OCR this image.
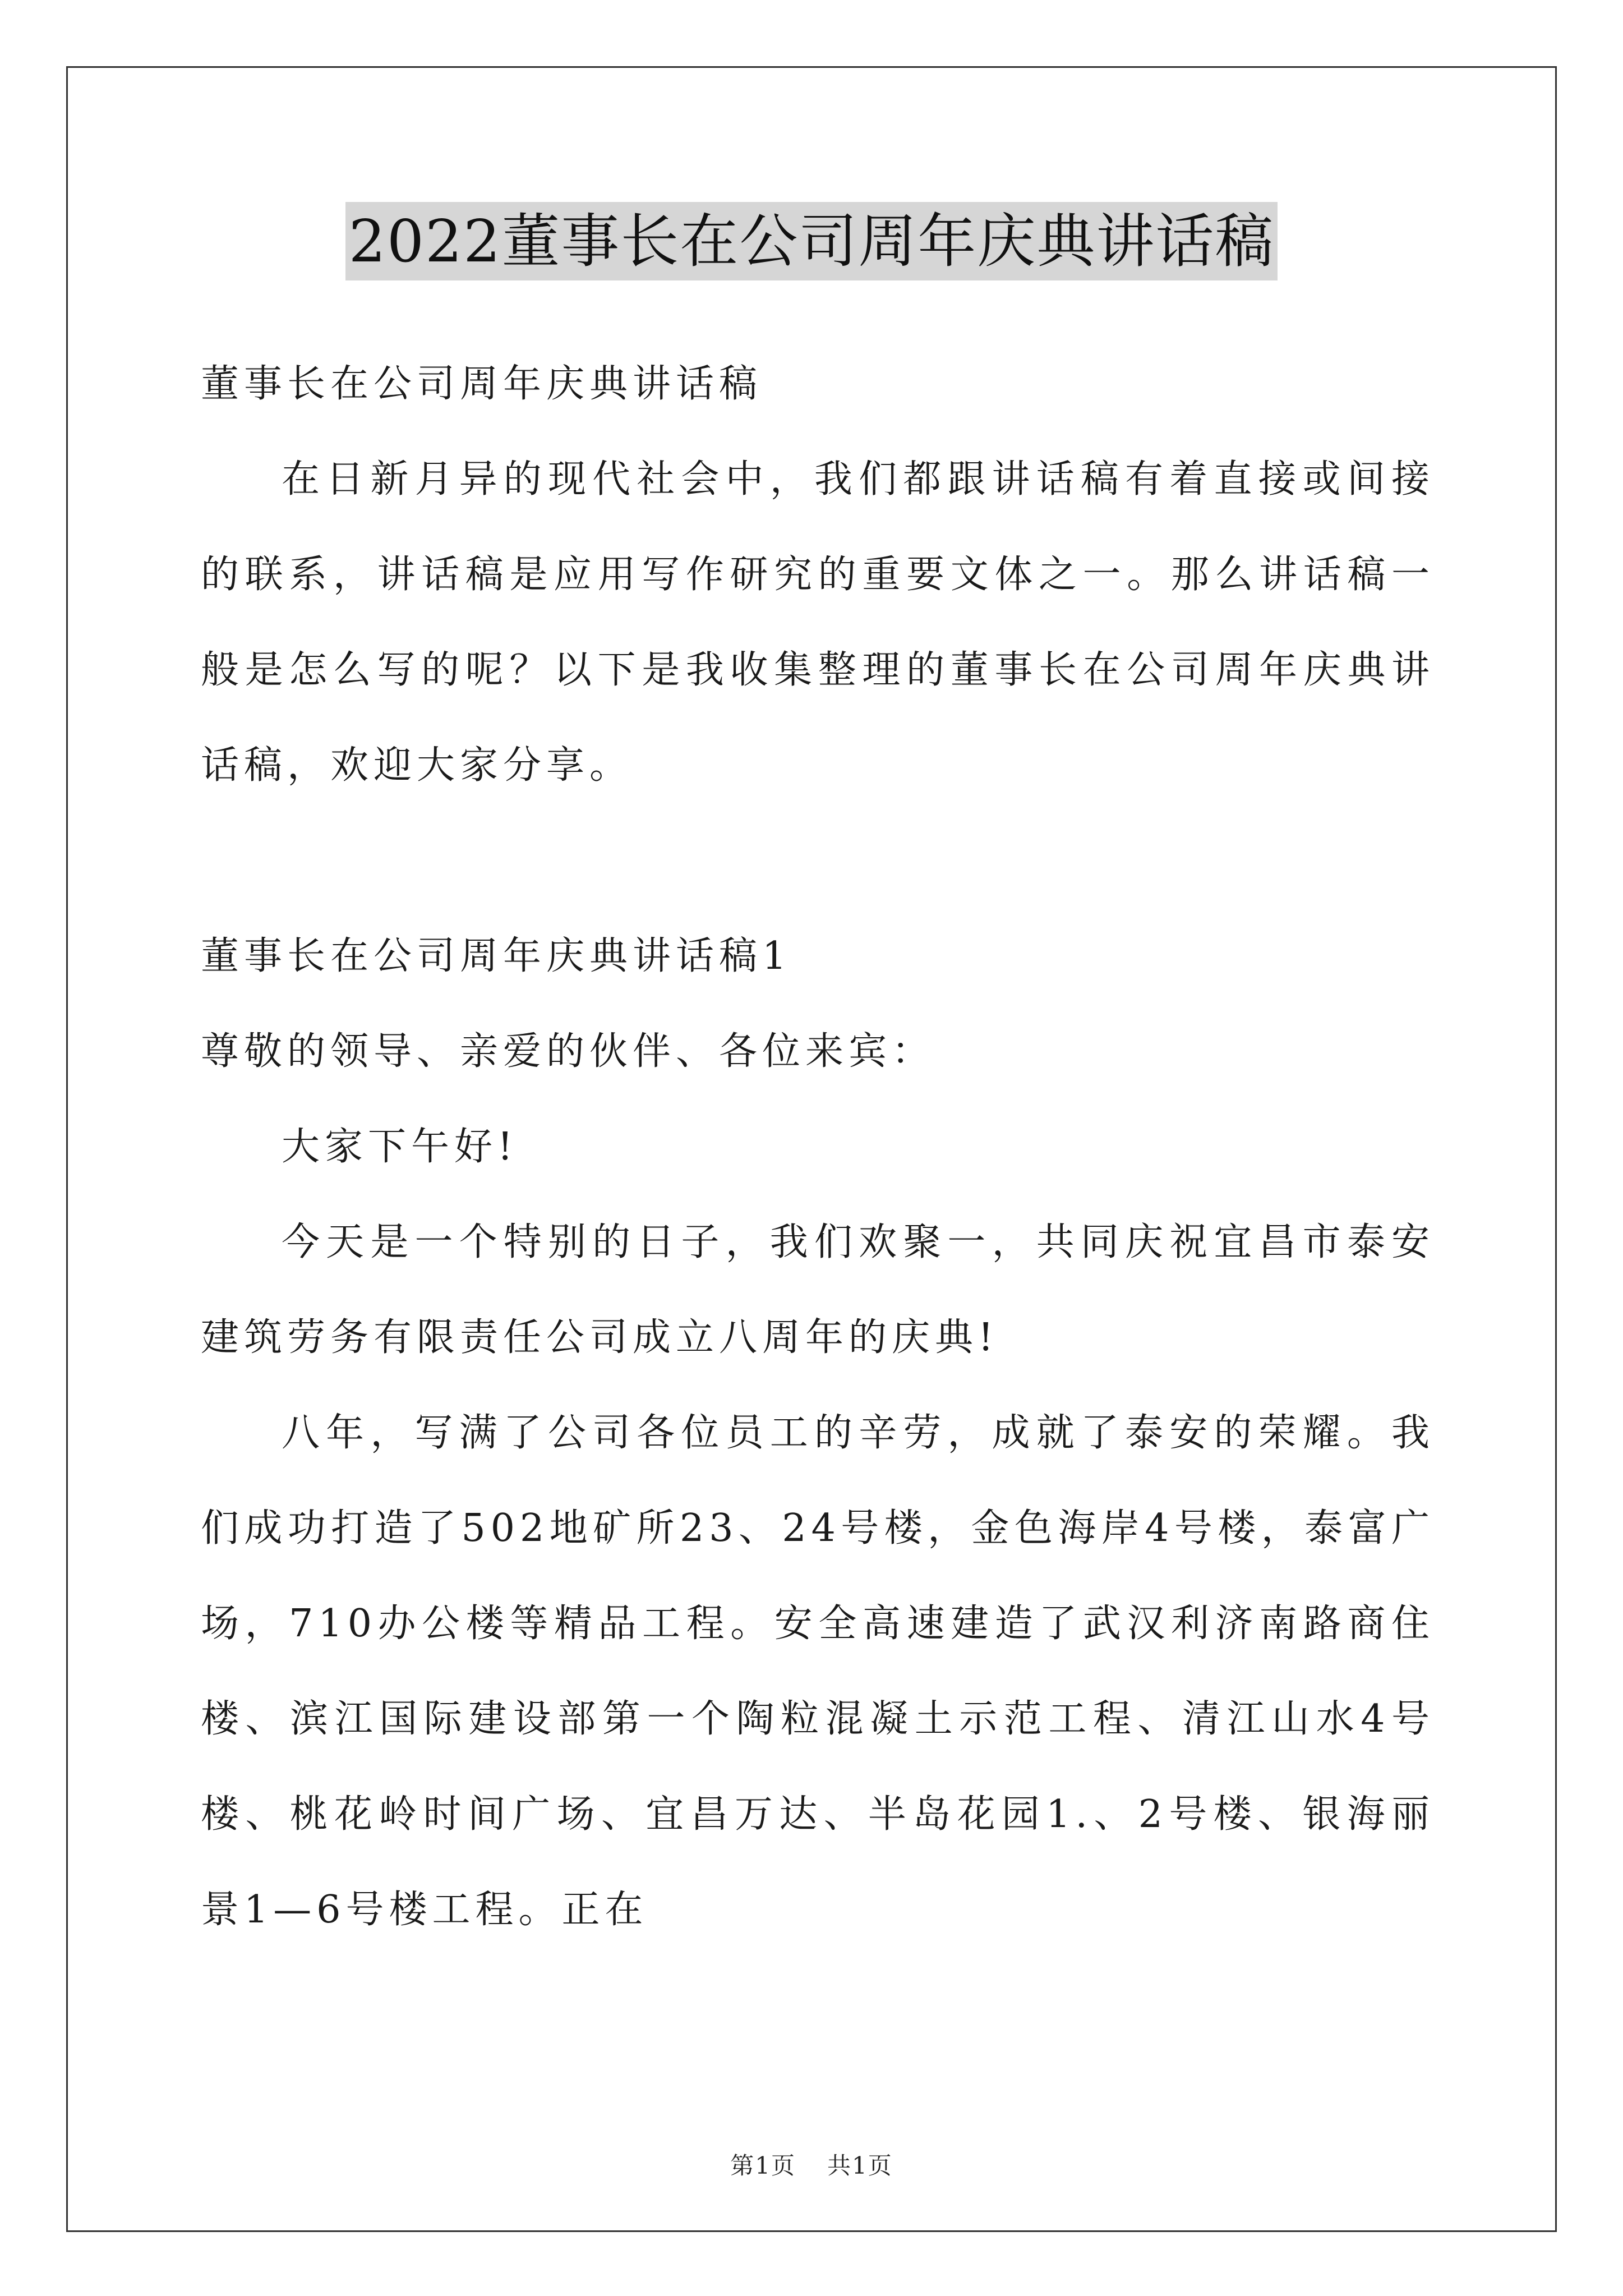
2022董事长在公司周年庆典讲话稿

董事长在公司周年庆典讲话稿

在日新月异的现代社会中，我们都跟讲话稿有着直接或间接的联系，讲话稿是应用写作研究的重要文体之一。那么讲话稿一般是怎么写的呢？以下是我收集整理的董事长在公司周年庆典讲话稿，欢迎大家分享。

董事长在公司周年庆典讲话稿1

尊敬的领导、亲爱的伙伴、各位来宾：

大家下午好!

今天是一个特别的日子，我们欢聚一，共同庆祝宜昌市泰安建筑劳务有限责任公司成立八周年的庆典!

八年，写满了公司各位员工的辛劳，成就了泰安的荣耀。我们成功打造了502地矿所23、24号楼，金色海岸4号楼，泰富广场，710办公楼等精品工程。安全高速建造了武汉利济南路商住楼、滨江国际建设部第一个陶粒混凝土示范工程、清江山水4号楼、桃花岭时间广场、宜昌万达、半岛花园1.、2号楼、银海丽景1—6号楼工程。正在

第1页 共1页
